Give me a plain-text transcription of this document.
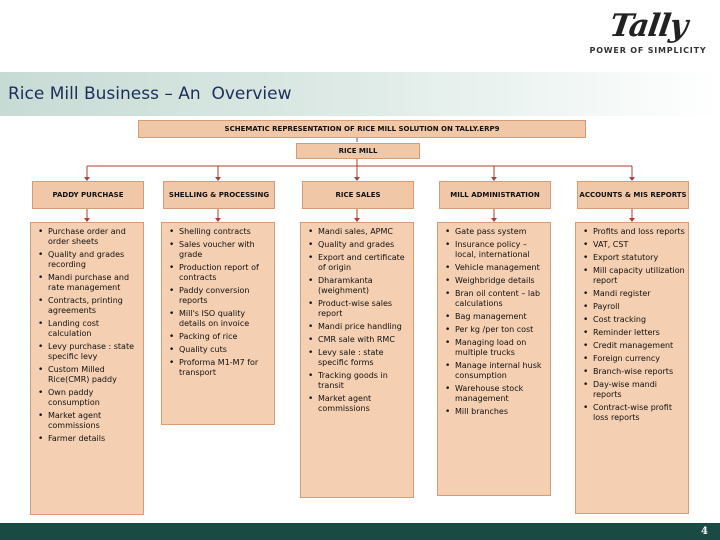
Tally
POWER OF SIMPLICITY
Rice Mill Business – An  Overview
SCHEMATIC REPRESENTATION OF RICE MILL SOLUTION ON TALLY.ERP9
RICE MILL
PADDY PURCHASE	SHELLING & PROCESSING	RICE SALES	MILL ADMINISTRATION	ACCOUNTS & MIS REPORTS
• Purchase order and order sheets
• Quality and grades recording
• Mandi purchase and rate management
• Contracts, printing agreements
• Landing cost calculation
• Levy purchase : state specific levy
• Custom Milled Rice(CMR) paddy
• Own paddy consumption
• Market agent commissions
• Farmer details
• Shelling contracts
• Sales voucher with grade
• Production report of contracts
• Paddy conversion reports
• Mill's ISO quality details on invoice
• Packing of rice
• Quality cuts
• Proforma M1-M7 for transport
• Mandi sales, APMC
• Quality and grades
• Export and certificate of origin
• Dharamkanta (weighment)
• Product-wise sales report
• Mandi price handling
• CMR sale with RMC
• Levy sale : state specific forms
• Tracking goods in transit
• Market agent commissions
• Gate pass system
• Insurance policy – local, international
• Vehicle management
• Weighbridge details
• Bran oil content – lab calculations
• Bag management
• Per kg /per ton cost
• Managing load on multiple trucks
• Manage internal husk consumption
• Warehouse stock management
• Mill branches
• Profits and loss reports
• VAT, CST
• Export statutory
• Mill capacity utilization report
• Mandi register
• Payroll
• Cost tracking
• Reminder letters
• Credit management
• Foreign currency
• Branch-wise reports
• Day-wise mandi reports
• Contract-wise profit loss reports
4
